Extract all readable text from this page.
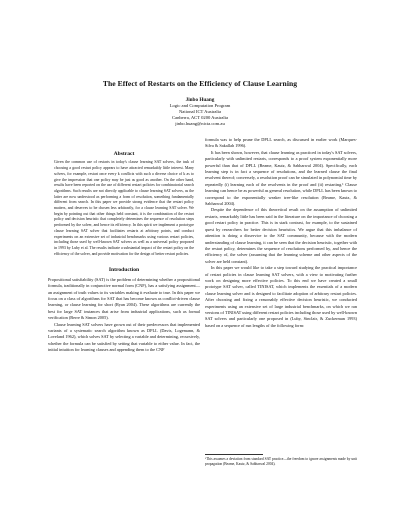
The Effect of Restarts on the Efficiency of Clause Learning
Jinbo Huang
Logic and Computation Program
National ICT Australia
Canberra, ACT 0200 Australia
jinbo.huang@nicta.com.au
Abstract
Given the common use of restarts in today's clause learning SAT solvers, the task of choosing a good restart policy appears to have attracted remarkably little interest. Many solvers, for example, restart once every k conflicts with such a diverse choice of k as to give the impression that one policy may be just as good as another. On the other hand, results have been reported on the use of different restart policies for combinatorial search algorithms. Such results are not directly applicable to clause learning SAT solvers, as the latter are now understood as performing a form of resolution, something fundamentally different from search. In this paper we provide strong evidence that the restart policy matters, and deserves to be chosen less arbitrarily, for a clause learning SAT solver. We begin by pointing out that other things held constant, it is the combination of the restart policy and decision heuristic that completely determines the sequence of resolution steps performed by the solver, and hence its efficiency. In this spirit we implement a prototype clause learning SAT solver that facilitates restarts at arbitrary points, and conduct experiments on an extensive set of industrial benchmarks using various restart policies, including those used by well-known SAT solvers as well as a universal policy proposed in 1993 by Luby et al. The results indicate a substantial impact of the restart policy on the efficiency of the solver, and provide motivation for the design of better restart policies.
Introduction

Propositional satisfiability (SAT) is the problem of determining whether a propositional formula, traditionally in conjunctive normal form (CNF), has a satisfying assignment—an assignment of truth values to its variables making it evaluate to true. In this paper we focus on a class of algorithms for SAT that has become known as conflict-driven clause learning, or clause learning for short (Ryan 2004). These algorithms are currently the best for large SAT instances that arise from industrial applications, such as formal verification (Berre & Simon 2005).

Clause learning SAT solvers have grown out of their predecessors that implemented variants of a systematic search algorithm known as DPLL (Davis, Logemann, & Loveland 1962), which solves SAT by selecting a variable and determining, recursively, whether the formula can be satisfied by setting that variable to either value. In fact, the initial intuition for learning clauses and appending them to the CNF

formula was to help prune the DPLL search, as discussed in earlier work (Marques-Silva & Sakallah 1996).

It has been shown, however, that clause learning as practiced in today's SAT solvers, particularly with unlimited restarts, corresponds to a proof system exponentially more powerful than that of DPLL (Beame, Kautz, & Sabharwal 2004). Specifically, each learning step is in fact a sequence of resolutions, and the learned clause the final resolvent thereof; conversely, a resolution proof can be simulated in polynomial time by repeatedly (i) learning each of the resolvents in the proof and (ii) restarting.¹ Clause learning can hence be as powerful as general resolution, while DPLL has been known to correspond to the exponentially weaker tree-like resolution (Beame, Kautz, & Sabharwal 2004).

Despite the dependence of this theoretical result on the assumption of unlimited restarts, remarkably little has been said in the literature on the importance of choosing a good restart policy in practice. This is in stark contrast, for example, to the sustained quest by researchers for better decision heuristics. We argue that this imbalance of attention is doing a disservice to the SAT community, because with the modern understanding of clause learning, it can be seen that the decision heuristic, together with the restart policy, determines the sequence of resolutions performed by, and hence the efficiency of, the solver (assuming that the learning scheme and other aspects of the solver are held constant).

In this paper we would like to take a step toward studying the practical importance of restart policies in clause learning SAT solvers, with a view to motivating further work on designing more effective policies. To this end we have created a small prototype SAT solver, called TINISAT, which implements the essentials of a modern clause learning solver and is designed to facilitate adoption of arbitrary restart policies. After choosing and fixing a reasonably effective decision heuristic, we conducted experiments using an extensive set of large industrial benchmarks, on which we ran versions of TINISAT using different restart policies including those used by well-known SAT solvers and particularly one proposed in (Luby, Sinclair, & Zuckerman 1993) based on a sequence of run lengths of the following form:

¹This assumes a deviation from standard SAT practice—the freedom to ignore assignments made by unit propagation (Beame, Kautz, & Sabharwal 2004).
